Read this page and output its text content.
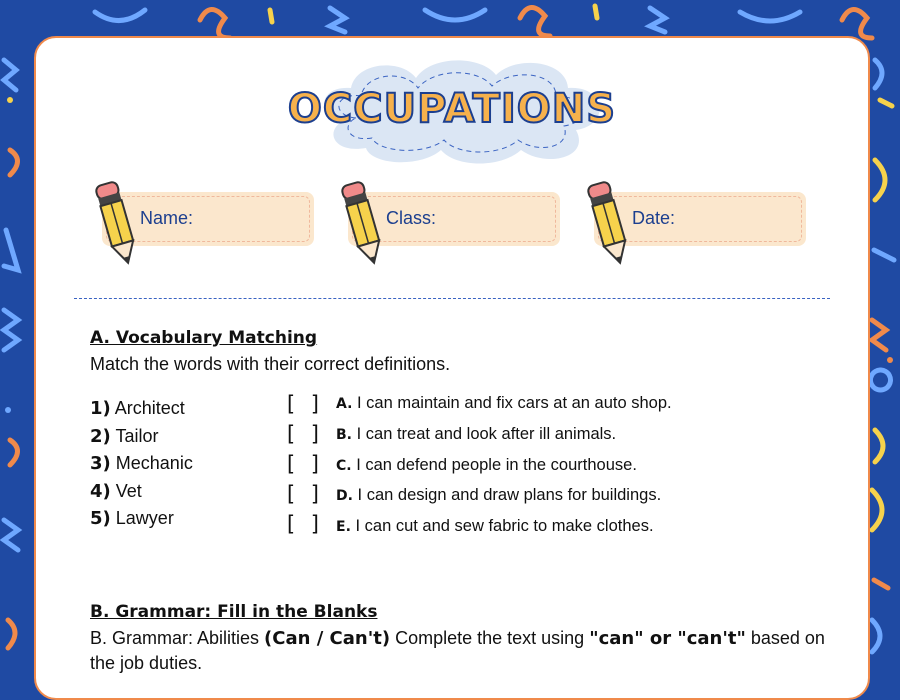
OCCUPATIONS
Name:	Class:	Date:
A. Vocabulary Matching
Match the words with their correct definitions.
1) Architect
2) Tailor
3) Mechanic
4) Vet
5) Lawyer
[ ]
[ ]
[ ]
[ ]
[ ]
A. I can maintain and fix cars at an auto shop.
B. I can treat and look after ill animals.
C. I can defend people in the courthouse.
D. I can design and draw plans for buildings.
E. I can cut and sew fabric to make clothes.
B. Grammar: Fill in the Blanks
B. Grammar: Abilities (Can / Can't) Complete the text using "can" or "can't" based on the job duties.
